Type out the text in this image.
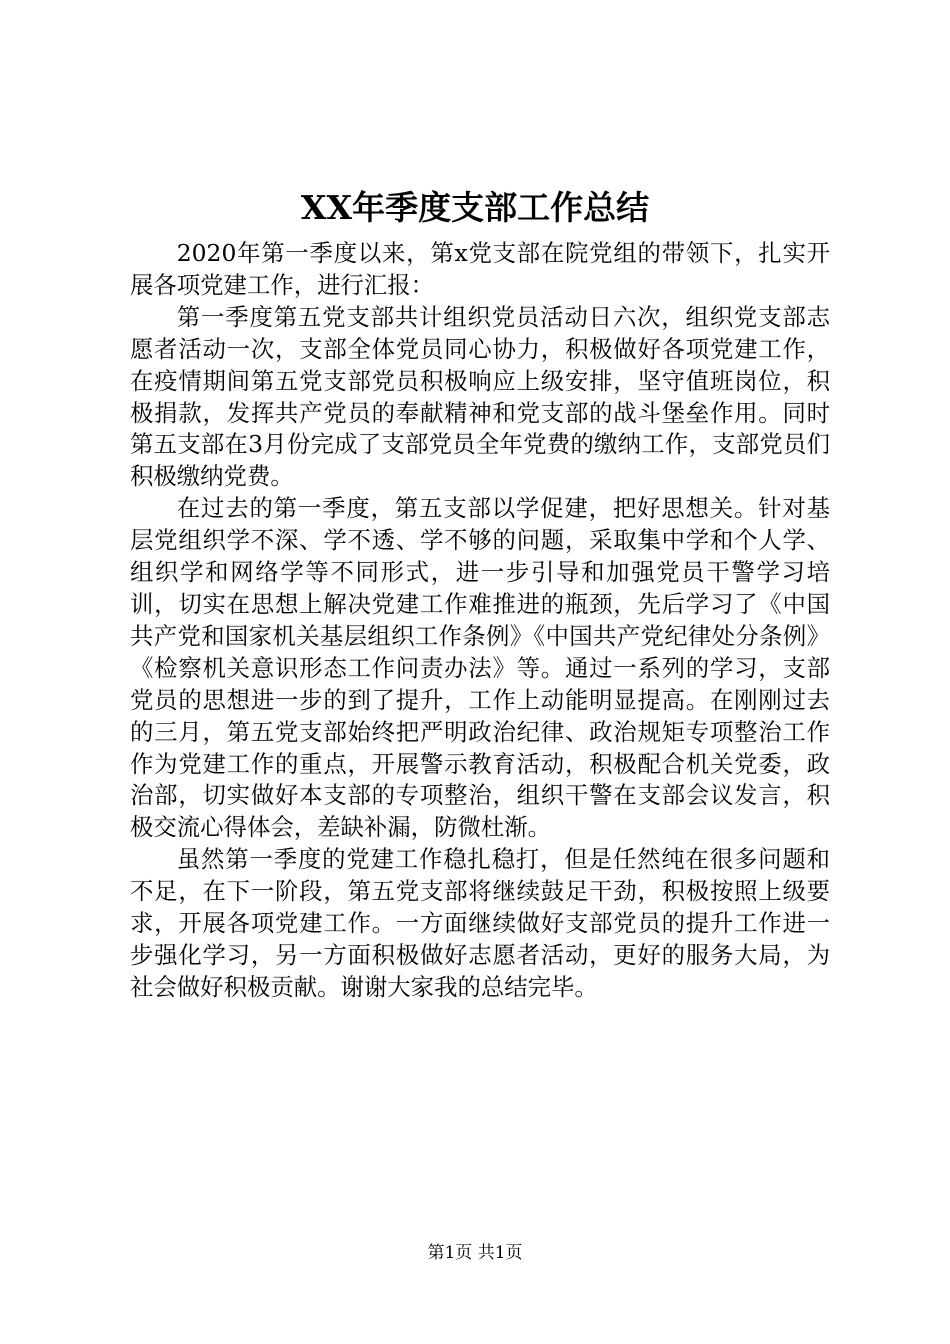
XX年季度支部工作总结

2020年第一季度以来，第x党支部在院党组的带领下，扎实开展各项党建工作，进行汇报：

第一季度第五党支部共计组织党员活动日六次，组织党支部志愿者活动一次，支部全体党员同心协力，积极做好各项党建工作，在疫情期间第五党支部党员积极响应上级安排，坚守值班岗位，积极捐款，发挥共产党员的奉献精神和党支部的战斗堡垒作用。同时第五支部在3月份完成了支部党员全年党费的缴纳工作，支部党员们积极缴纳党费。

在过去的第一季度，第五支部以学促建，把好思想关。针对基层党组织学不深、学不透、学不够的问题，采取集中学和个人学、组织学和网络学等不同形式，进一步引导和加强党员干警学习培训，切实在思想上解决党建工作难推进的瓶颈，先后学习了《中国共产党和国家机关基层组织工作条例》《中国共产党纪律处分条例》《检察机关意识形态工作问责办法》等。通过一系列的学习，支部党员的思想进一步的到了提升，工作上动能明显提高。在刚刚过去的三月，第五党支部始终把严明政治纪律、政治规矩专项整治工作作为党建工作的重点，开展警示教育活动，积极配合机关党委，政治部，切实做好本支部的专项整治，组织干警在支部会议发言，积极交流心得体会，差缺补漏，防微杜渐。

虽然第一季度的党建工作稳扎稳打，但是任然纯在很多问题和不足，在下一阶段，第五党支部将继续鼓足干劲，积极按照上级要求，开展各项党建工作。一方面继续做好支部党员的提升工作进一步强化学习，另一方面积极做好志愿者活动，更好的服务大局，为社会做好积极贡献。谢谢大家我的总结完毕。

第1页 共1页
